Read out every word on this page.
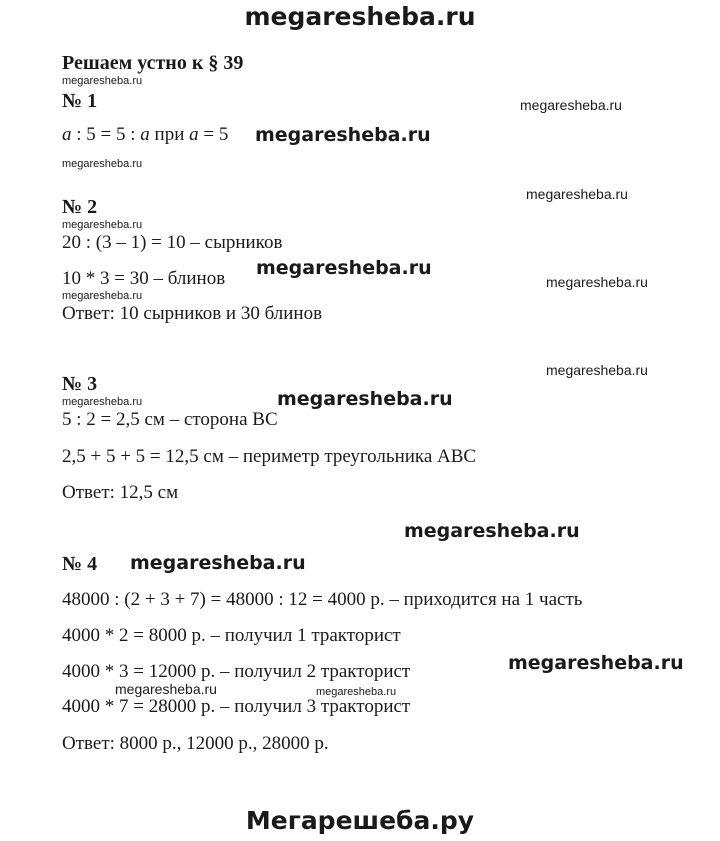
megaresheba.ru
Решаем устно к § 39
megaresheba.ru
№ 1	megaresheba.ru
a : 5 = 5 : a при a = 5 megaresheba.ru
megaresheba.ru
megaresheba.ru
№ 2
megaresheba.ru
20 : (3 – 1) = 10 – сырников
10 * 3 = 30 – блинов megaresheba.ru
megaresheba.ru
megaresheba.ru
Ответ: 10 сырников и 30 блинов
megaresheba.ru
№ 3
megaresheba.ru	megaresheba.ru
5 : 2 = 2,5 см – сторона ВС
2,5 + 5 + 5 = 12,5 см – периметр треугольника АВС
Ответ: 12,5 см
megaresheba.ru
№ 4 megaresheba.ru
48000 : (2 + 3 + 7) = 48000 : 12 = 4000 р. – приходится на 1 часть
4000 * 2 = 8000 р. – получил 1 тракторист
megaresheba.ru
4000 * 3 = 12000 р. – получил 2 тракторист
megaresheba.ru	megaresheba.ru
4000 * 7 = 28000 р. – получил 3 тракторист
Ответ: 8000 р., 12000 р., 28000 р.
Мегарешеба.ру
